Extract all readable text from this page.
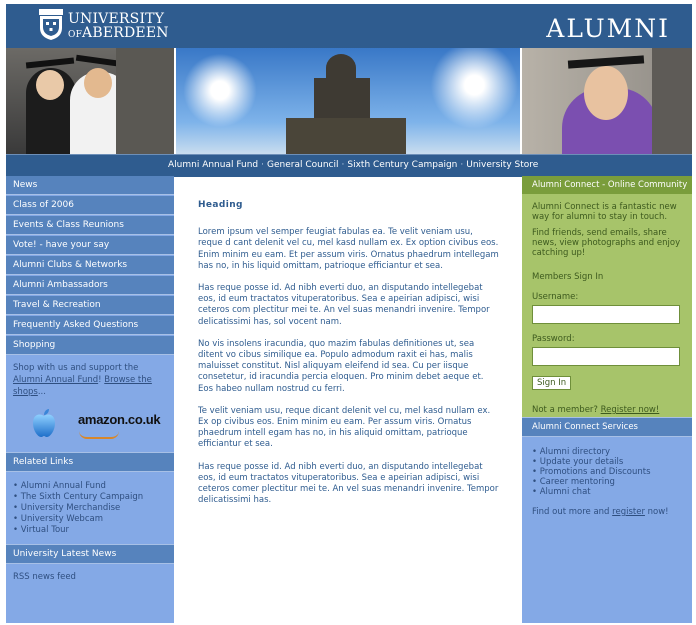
UNIVERSITY
OFABERDEEN	ALUMNI
Alumni Annual Fund · General Council · Sixth Century Campaign · University Store
News
Class of 2006
Events & Class Reunions
Vote! - have your say
Alumni Clubs & Networks
Alumni Ambassadors
Travel & Recreation
Frequently Asked Questions
Shopping
Shop with us and support the Alumni Annual Fund! Browse the shops...
amazon.co.uk
Related Links
• Alumni Annual Fund
• The Sixth Century Campaign
• University Merchandise
• University Webcam
• Virtual Tour
University Latest News
RSS news feed
Heading

Lorem ipsum vel semper feugiat fabulas ea. Te velit veniam usu, reque d cant delenit vel cu, mel kasd nullam ex. Ex option civibus eos. Enim minim eu eam. Et per assum viris. Ornatus phaedrum intellegam has no, in his liquid omittam, patrioque efficiantur et sea.

Has reque posse id. Ad nibh everti duo, an disputando intellegebat eos, id eum tractatos vituperatoribus. Sea e apeirian adipisci, wisi ceteros com plectitur mei te. An vel suas menandri invenire. Tempor delicatissimi has, sol vocent nam.

No vis insolens iracundia, quo mazim fabulas definitiones ut, sea ditent vo cibus similique ea. Populo admodum raxit ei has, malis maluisset constitut. Nisl aliquyam eleifend id sea. Cu per iisque consetetur, id iracundia percia eloquen. Pro minim debet aeque et. Eos habeo nullam nostrud cu ferri.

Te velit veniam usu, reque dicant delenit vel cu, mel kasd nullam ex. Ex op civibus eos. Enim minim eu eam. Per assum viris. Ornatus phaedrum intell egam has no, in his aliquid omittam, patrioque efficiantur et sea.

Has reque posse id. Ad nibh everti duo, an disputando intellegebat eos, id eum tractatos vituperatoribus. Sea e apeirian adipisci, wisi ceteros comer plectitur mei te. An vel suas menandri invenire. Tempor delicatissimi has.

Alumni Connect - Online Community

Alumni Connect is a fantastic new way for alumni to stay in touch.

Find friends, send emails, share news, view photographs and enjoy catching up!

Members Sign In
Username:
Password:
Sign In
Not a member? Register now!
Alumni Connect Services
• Alumni directory
• Update your details
• Promotions and Discounts
• Career mentoring
• Alumni chat
Find out more and register now!
